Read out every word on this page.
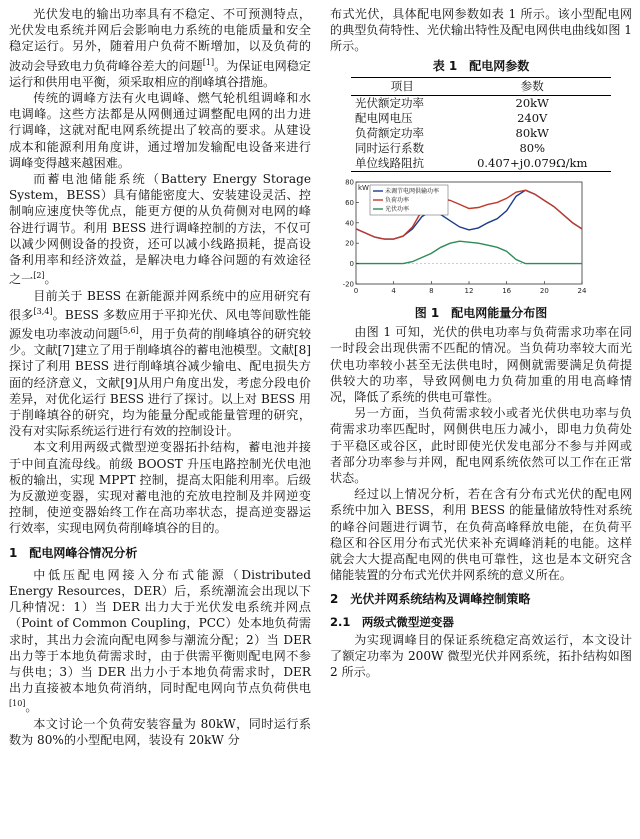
光伏发电的输出功率具有不稳定、不可预测特点，光伏发电系统并网后会影响电力系统的电能质量和安全稳定运行。另外，随着用户负荷不断增加，以及负荷的波动会导致电力负荷峰谷差大的问题[1]。为保证电网稳定运行和供用电平衡，须采取相应的削峰填谷措施。

传统的调峰方法有火电调峰、燃气轮机组调峰和水电调峰。这些方法都是从网侧通过调整配电网的出力进行调峰，这就对配电网系统提出了较高的要求。从建设成本和能源利用角度讲，通过增加发输配电设备来进行调峰变得越来越困难。

而蓄电池储能系统（Battery Energy Storage System，BESS）具有储能密度大、安装建设灵活、控制响应速度快等优点，能更方便的从负荷侧对电网的峰谷进行调节。利用 BESS 进行调峰控制的方法，不仅可以减少网侧设备的投资，还可以减小线路损耗，提高设备利用率和经济效益，是解决电力峰谷问题的有效途径之一[2]。

目前关于 BESS 在新能源并网系统中的应用研究有很多[3,4]。BESS 多数应用于平抑光伏、风电等间歇性能源发电功率波动问题[5,6]，用于负荷的削峰填谷的研究较少。文献[7]建立了用于削峰填谷的蓄电池模型。文献[8]探讨了利用 BESS 进行削峰填谷减少输电、配电损失方面的经济意义，文献[9]从用户角度出发，考虑分段电价差异，对优化运行 BESS 进行了探讨。以上对 BESS 用于削峰填谷的研究，均为能量分配或能量管理的研究，没有对实际系统运行进行有效的控制设计。

本文利用两级式微型逆变器拓扑结构，蓄电池并接于中间直流母线。前级 BOOST 升压电路控制光伏电池板的输出，实现 MPPT 控制，提高太阳能利用率。后级为反激逆变器，实现对蓄电池的充放电控制及并网逆变控制，使逆变器始终工作在高功率状态，提高逆变器运行效率，实现电网负荷削峰填谷的目的。

1　配电网峰谷情况分析

中低压配电网接入分布式能源（Distributed Energy Resources，DER）后，系统潮流会出现以下几种情况：1）当 DER 出力大于光伏发电系统并网点（Point of Common Coupling，PCC）处本地负荷需求时，其出力会流向配电网参与潮流分配；2）当 DER 出力等于本地负荷需求时，由于供需平衡则配电网不参与供电；3）当 DER 出力小于本地负荷需求时，DER 出力直接被本地负荷消纳，同时配电网向节点负荷供电[10]。

本文讨论一个负荷安装容量为 80kW，同时运行系数为 80%的小型配电网，装设有 20kW 分

布式光伏，具体配电网参数如表 1 所示。该小型配电网的典型负荷特性、光伏输出特性及配电网供电曲线如图 1 所示。

表 1　配电网参数
项目	参数
光伏额定功率	20kW
配电网电压	240V
负荷额定功率	80kW
同时运行系数	80%
单位线路阻抗	0.407+j0.079Ω/km
0	4	8	12	16	20	24
-20
0
20
40
60
80
kW	未调节电网供输功率
负荷功率
光伏功率
图 1　配电网能量分布图

由图 1 可知，光伏的供电功率与负荷需求功率在同一时段会出现供需不匹配的情况。当负荷功率较大而光伏电功率较小甚至无法供电时，网侧就需要满足负荷提供较大的功率，导致网侧电力负荷加重的用电高峰情况，降低了系统的供电可靠性。

另一方面，当负荷需求较小或者光伏供电功率与负荷需求功率匹配时，网侧供电压力减小，即电力负荷处于平稳区或谷区，此时即使光伏发电部分不参与并网或者部分功率参与并网，配电网系统依然可以工作在正常状态。

经过以上情况分析，若在含有分布式光伏的配电网系统中加入 BESS，利用 BESS 的能量储放特性对系统的峰谷问题进行调节，在负荷高峰释放电能，在负荷平稳区和谷区用分布式光伏来补充调峰消耗的电能。这样就会大大提高配电网的供电可靠性，这也是本文研究含储能装置的分布式光伏并网系统的意义所在。

2　光伏并网系统结构及调峰控制策略
2.1　两级式微型逆变器

为实现调峰目的保证系统稳定高效运行，本文设计了额定功率为 200W 微型光伏并网系统，拓扑结构如图 2 所示。
